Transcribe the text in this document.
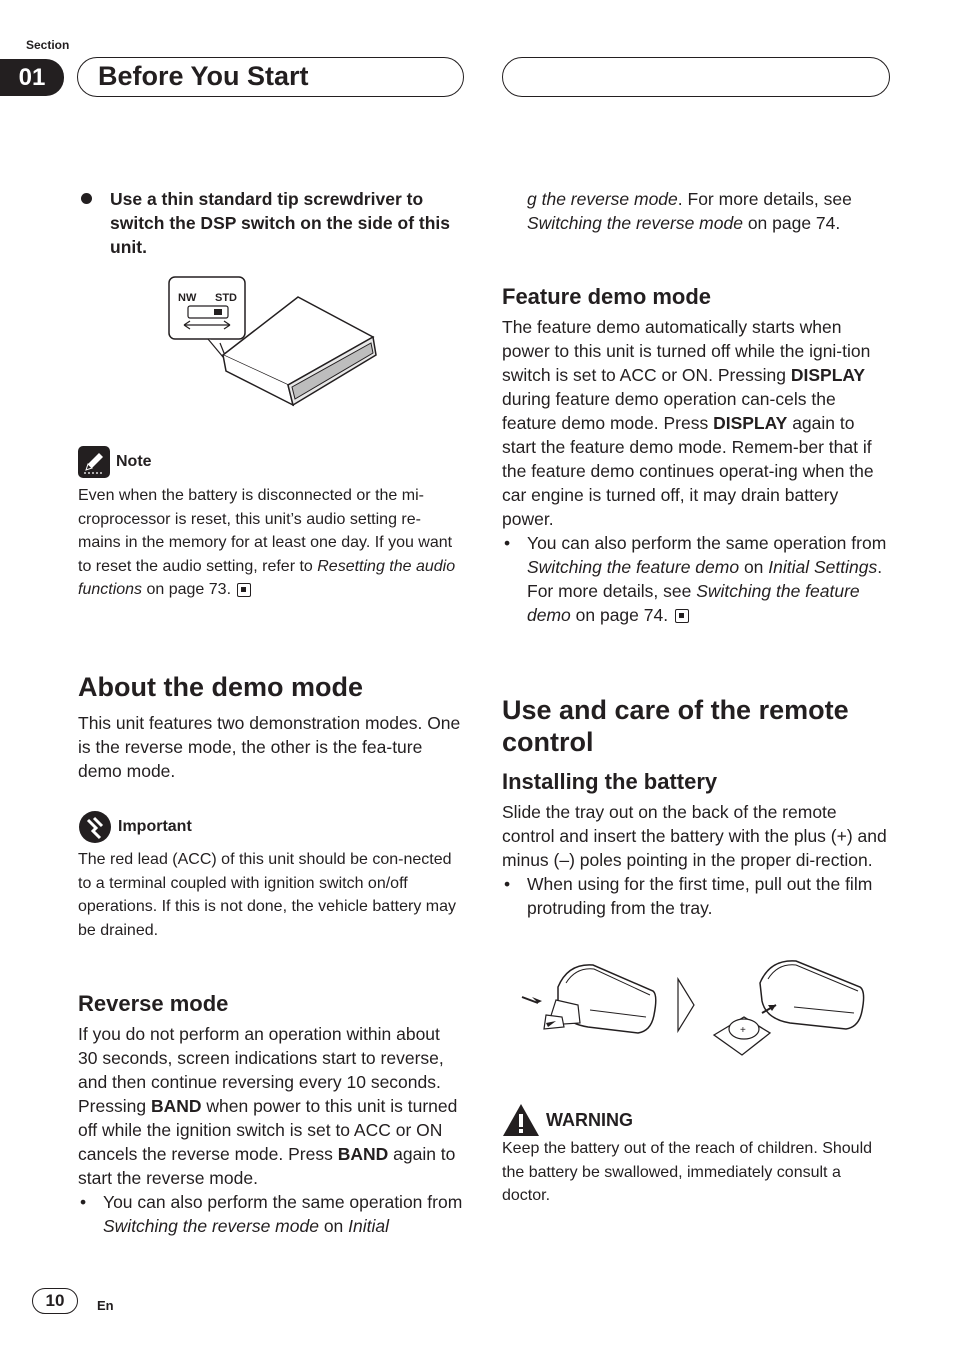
Section
01	Before You Start

Use a thin standard tip screwdriver to switch the DSP switch on the side of this unit.

NW STD
Note

Even when the battery is disconnected or the mi-croprocessor is reset, this unit’s audio setting re-mains in the memory for at least one day. If you want to reset the audio setting, refer to Resetting the audio functions on page 73.

About the demo mode

This unit features two demonstration modes. One is the reverse mode, the other is the fea-ture demo mode.

Important

The red lead (ACC) of this unit should be con-nected to a terminal coupled with ignition switch on/off operations. If this is not done, the vehicle battery may be drained.

Reverse mode

If you do not perform an operation within about 30 seconds, screen indications start to reverse, and then continue reversing every 10 seconds. Pressing BAND when power to this unit is turned off while the ignition switch is set to ACC or ON cancels the reverse mode. Press BAND again to start the reverse mode.

• You can also perform the same operation from Switching the reverse mode on Initial

g the reverse mode. For more details, see Switching the reverse mode on page 74.

Feature demo mode

The feature demo automatically starts when power to this unit is turned off while the igni-tion switch is set to ACC or ON. Pressing DISPLAY during feature demo operation can-cels the feature demo mode. Press DISPLAY again to start the feature demo mode. Remem-ber that if the feature demo continues operat-ing when the car engine is turned off, it may drain battery power.

• You can also perform the same operation from Switching the feature demo on Initial Settings. For more details, see Switching the feature demo on page 74.

Use and care of the remote control
Installing the battery

Slide the tray out on the back of the remote control and insert the battery with the plus (+) and minus (–) poles pointing in the proper di-rection.

• When using for the first time, pull out the film protruding from the tray.

+
WARNING

Keep the battery out of the reach of children. Should the battery be swallowed, immediately consult a doctor.

10	En
